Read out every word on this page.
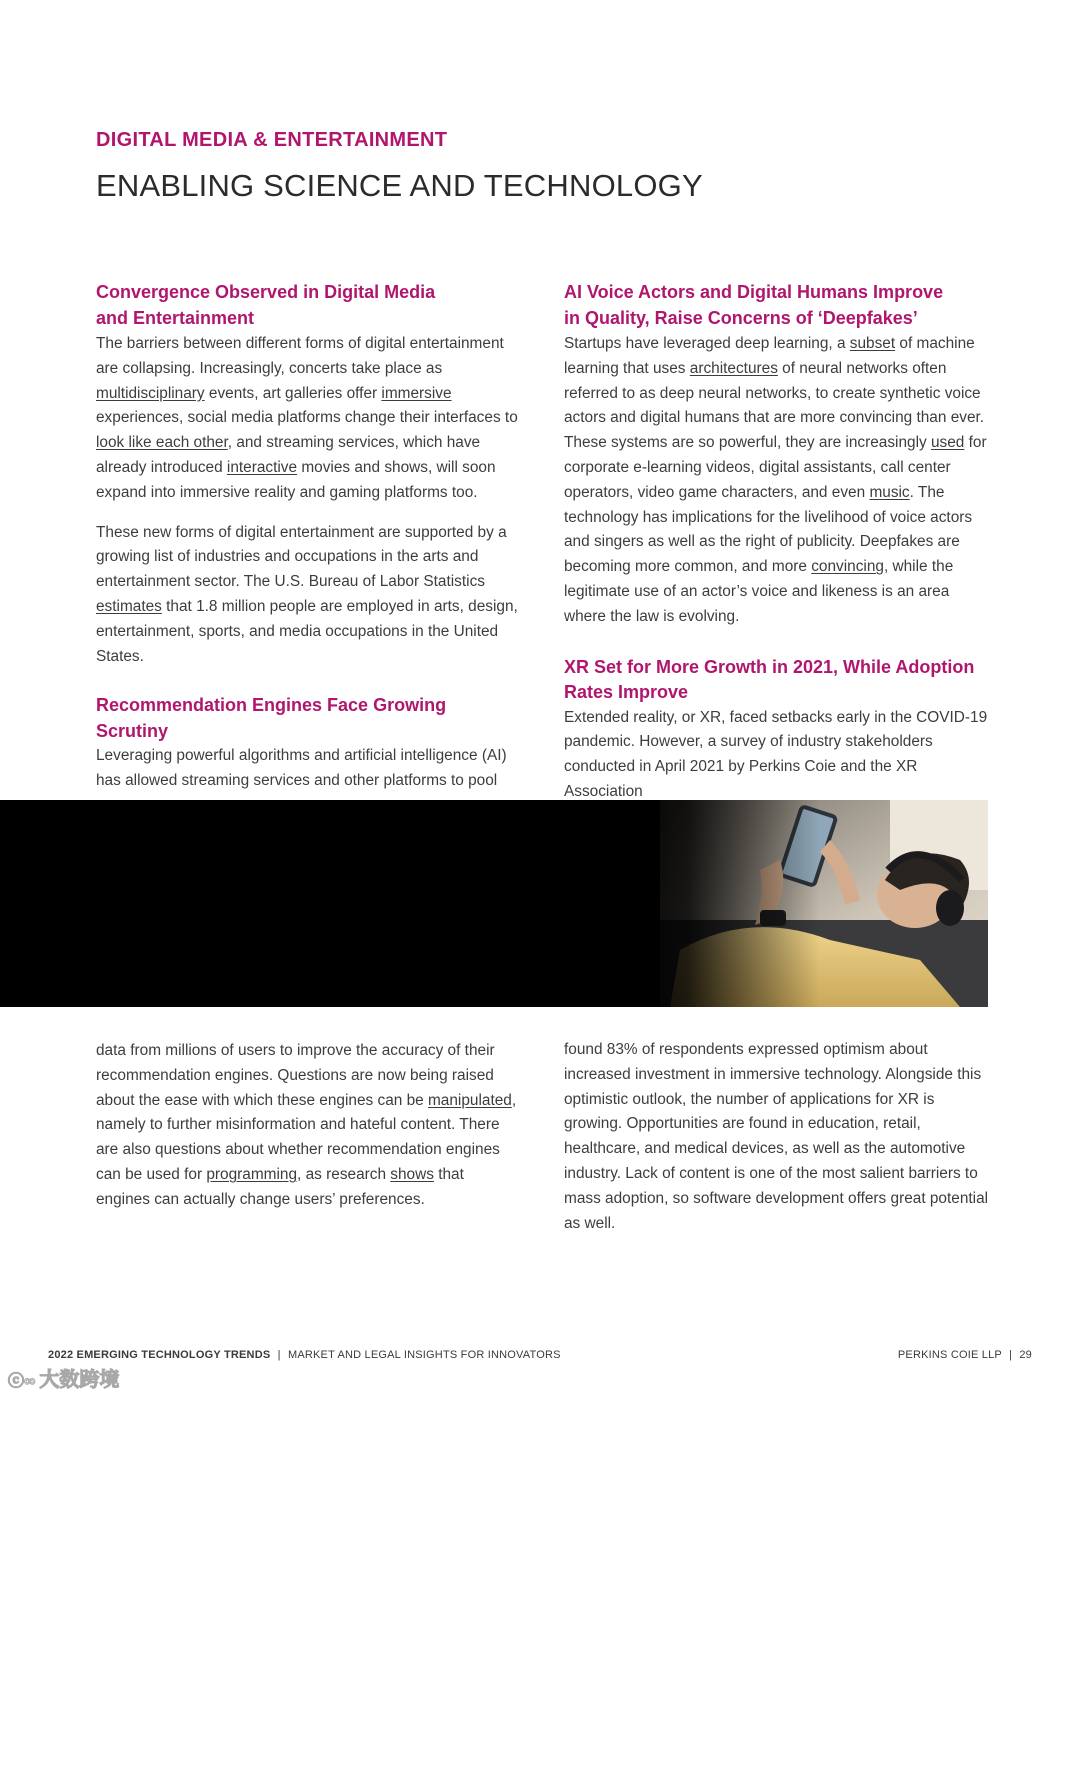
DIGITAL MEDIA & ENTERTAINMENT
ENABLING SCIENCE AND TECHNOLOGY
Convergence Observed in Digital Media and Entertainment

The barriers between different forms of digital entertainment are collapsing. Increasingly, concerts take place as multidisciplinary events, art galleries offer immersive experiences, social media platforms change their interfaces to look like each other, and streaming services, which have already introduced interactive movies and shows, will soon expand into immersive reality and gaming platforms too.

These new forms of digital entertainment are supported by a growing list of industries and occupations in the arts and entertainment sector. The U.S. Bureau of Labor Statistics estimates that 1.8 million people are employed in arts, design, entertainment, sports, and media occupations in the United States.

Recommendation Engines Face Growing Scrutiny

Leveraging powerful algorithms and artificial intelligence (AI) has allowed streaming services and other platforms to pool

AI Voice Actors and Digital Humans Improve in Quality, Raise Concerns of ‘Deepfakes’

Startups have leveraged deep learning, a subset of machine learning that uses architectures of neural networks often referred to as deep neural networks, to create synthetic voice actors and digital humans that are more convincing than ever. These systems are so powerful, they are increasingly used for corporate e-learning videos, digital assistants, call center operators, video game characters, and even music. The technology has implications for the livelihood of voice actors and singers as well as the right of publicity. Deepfakes are becoming more common, and more convincing, while the legitimate use of an actor’s voice and likeness is an area where the law is evolving.

XR Set for More Growth in 2021, While Adoption Rates Improve

Extended reality, or XR, faced setbacks early in the COVID-19 pandemic. However, a survey of industry stakeholders conducted in April 2021 by Perkins Coie and the XR Association

LEVERAGING POWERFUL ALGORITHMS AND ARTIFICIAL INTELLIGENCE (AI) HAS ALLOWED STREAMING SERVICES AND OTHER PLATFORMS TO POOL DATA FROM MILLIONS OF USERS TO IMPROVE THE ACCURACY OF THEIR RECOMMENDATION ENGINES.

data from millions of users to improve the accuracy of their recommendation engines. Questions are now being raised about the ease with which these engines can be manipulated, namely to further misinformation and hateful content. There are also questions about whether recommendation engines can be used for programming, as research shows that engines can actually change users’ preferences.

found 83% of respondents expressed optimism about increased investment in immersive technology. Alongside this optimistic outlook, the number of applications for XR is growing. Opportunities are found in education, retail, healthcare, and medical devices, as well as the automotive industry. Lack of content is one of the most salient barriers to mass adoption, so software development offers great potential as well.

2022 EMERGING TECHNOLOGY TRENDS | MARKET AND LEGAL INSIGHTS FOR INNOVATORS	PERKINS COIE LLP | 29
ⓒ∞ 大数跨境
